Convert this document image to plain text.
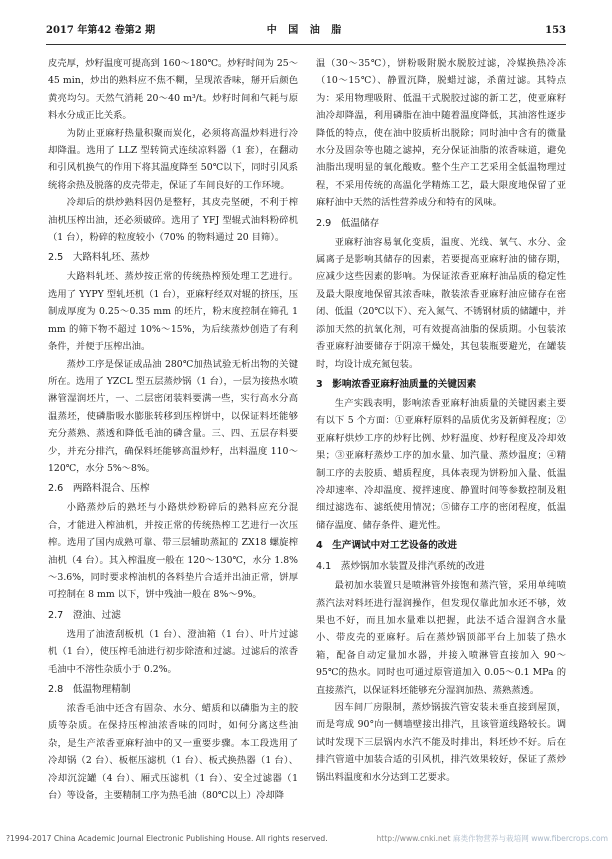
2017 年第42 卷第2 期	中 国 油 脂	153

皮壳厚，炒籽温度可提高到 160～180℃。炒籽时间为 25～45 min，炒出的熟料应不焦不糊，呈现浓香味，掰开后颜色黄亮均匀。天然气消耗 20～40 m³/t。炒籽时间和气耗与原料水分成正比关系。

为防止亚麻籽热量积聚而炭化，必须将高温炒料进行冷却降温。选用了 LLZ 型转筒式连续凉料器（1 套），在翻动和引风机换气的作用下将其温度降至 50℃以下，同时引风系统将余热及脱落的皮壳带走，保证了车间良好的工作环境。

冷却后的烘炒熟料因仍是整籽，其皮壳坚硬，不利于榨油机压榨出油，还必须破碎。选用了 YFJ 型辊式油料粉碎机（1 台），粉碎的粒度较小（70% 的物料通过 20 目筛）。

2.5　大路料轧坯、蒸炒

大路料轧坯、蒸炒按正常的传统热榨预处理工艺进行。选用了 YYPY 型轧坯机（1 台），亚麻籽经双对辊的挤压，压制成厚度为 0.25～0.35 mm 的坯片，粉末度控制在筛孔 1 mm 的筛下物不超过 10%～15%，为后续蒸炒创造了有利条件，并便于压榨出油。

蒸炒工序是保证成品油 280℃加热试验无析出物的关键所在。选用了 YZCL 型五层蒸炒锅（1 台），一层为接热水喷淋管湿润坯片，一、二层密闭装料要满一些，实行高水分高温蒸坯，使磷脂吸水膨胀转移到压榨饼中，以保证料坯能够充分蒸熟、蒸透和降低毛油的磷含量。三、四、五层存料要少，并充分排汽，确保料坯能够高温炒籽，出料温度 110～120℃，水分 5%～8%。

2.6　两路料混合、压榨

小路蒸炒后的熟坯与小路烘炒粉碎后的熟料应充分混合，才能进入榨油机，并按正常的传统热榨工艺进行一次压榨。选用了国内成熟可靠、带三层辅助蒸缸的 ZX18 螺旋榨油机（4 台）。其入榨温度一般在 120～130℃，水分 1.8%～3.6%，同时要求榨油机的各料垫片合适并出油正常，饼厚可控制在 8 mm 以下，饼中残油一般在 8%～9%。

2.7　澄油、过滤

选用了油渣刮板机（1 台）、澄油箱（1 台）、叶片过滤机（1 台），使压榨毛油进行初步除渣和过滤。过滤后的浓香毛油中不溶性杂质小于 0.2%。

2.8　低温物理精制

浓香毛油中还含有固杂、水分、蜡质和以磷脂为主的胶质等杂质。在保持压榨油浓香味的同时，如何分离这些油杂，是生产浓香亚麻籽油中的又一重要步骤。本工段选用了冷却锅（2 台）、板框压滤机（1 台）、板式换热器（1 台）、冷却沉淀罐（4 台）、厢式压滤机（1 台）、安全过滤器（1 台）等设备，主要精制工序为热毛油（80℃以上）冷却降

温（30～35℃），饼粉吸附脱水脱胶过滤，冷媒换热冷冻（10～15℃）、静置沉降，脱蜡过滤，杀菌过滤。其特点为：采用物理吸附、低温干式脱胶过滤的新工艺，使亚麻籽油冷却降温，利用磷脂在油中随着温度降低，其油溶性逐步降低的特点，使在油中胶质析出脱除；同时油中含有的微量水分及固杂等也随之滤掉，充分保证油脂的浓香味道，避免油脂出现明显的氧化酸败。整个生产工艺采用全低温物理过程，不采用传统的高温化学精炼工艺，最大限度地保留了亚麻籽油中天然的活性营养成分和特有的风味。

2.9　低温储存

亚麻籽油容易氧化变质，温度、光线、氧气、水分、金属离子是影响其储存的因素，若要提高亚麻籽油的储存期，应减少这些因素的影响。为保证浓香亚麻籽油品质的稳定性及最大限度地保留其浓香味，散装浓香亚麻籽油应储存在密闭、低温（20℃以下）、充入氮气、不锈钢材质的储罐中，并添加天然的抗氧化剂，可有效提高油脂的保质期。小包装浓香亚麻籽油要储存于阴凉干燥处，其包装瓶要避光，在罐装时，均设计成充氮包装。

3　影响浓香亚麻籽油质量的关键因素

生产实践表明，影响浓香亚麻籽油质量的关键因素主要有以下 5 个方面：①亚麻籽原料的品质优劣及新鲜程度；②亚麻籽烘炒工序的炒籽比例、炒籽温度、炒籽程度及冷却效果；③亚麻籽蒸炒工序的加水量、加汽量、蒸炒温度；④精制工序的去胶质、蜡质程度，具体表现为饼粉加入量、低温冷却速率、冷却温度、搅拌速度、静置时间等参数控制及粗细过滤选布、滤纸使用情况；⑤储存工序的密闭程度，低温储存温度、储存条件、避光性。

4　生产调试中对工艺设备的改进
4.1　蒸炒锅加水装置及排汽系统的改进

最初加水装置只是喷淋管外接饱和蒸汽管，采用单纯喷蒸汽法对料坯进行湿润操作，但发现仅靠此加水还不够，效果也不好，而且加水量难以把握，此法不适合湿润含水量小、带皮壳的亚麻籽。后在蒸炒锅顶部平台上加装了热水箱，配备自动定量加水器，并接入喷淋管直接加入 90～95℃的热水。同时也可通过原管道加入 0.05～0.1 MPa 的直接蒸汽，以保证料坯能够充分湿润加热、蒸熟蒸透。

因车间厂房限制，蒸炒锅拔汽管安装未垂直接到屋顶，而是弯成 90°向一侧墙壁接出排汽，且该管道线路较长。调试时发现下三层锅内水汽不能及时排出，料坯炒不好。后在排汽管道中加装合适的引风机，排汽效果较好，保证了蒸炒锅出料温度和水分达到工艺要求。

?1994-2017 China Academic Journal Electronic Publishing House. All rights reserved.	http://www.cnki.net 麻类作物营养与栽培网 www.fibercrops.com
